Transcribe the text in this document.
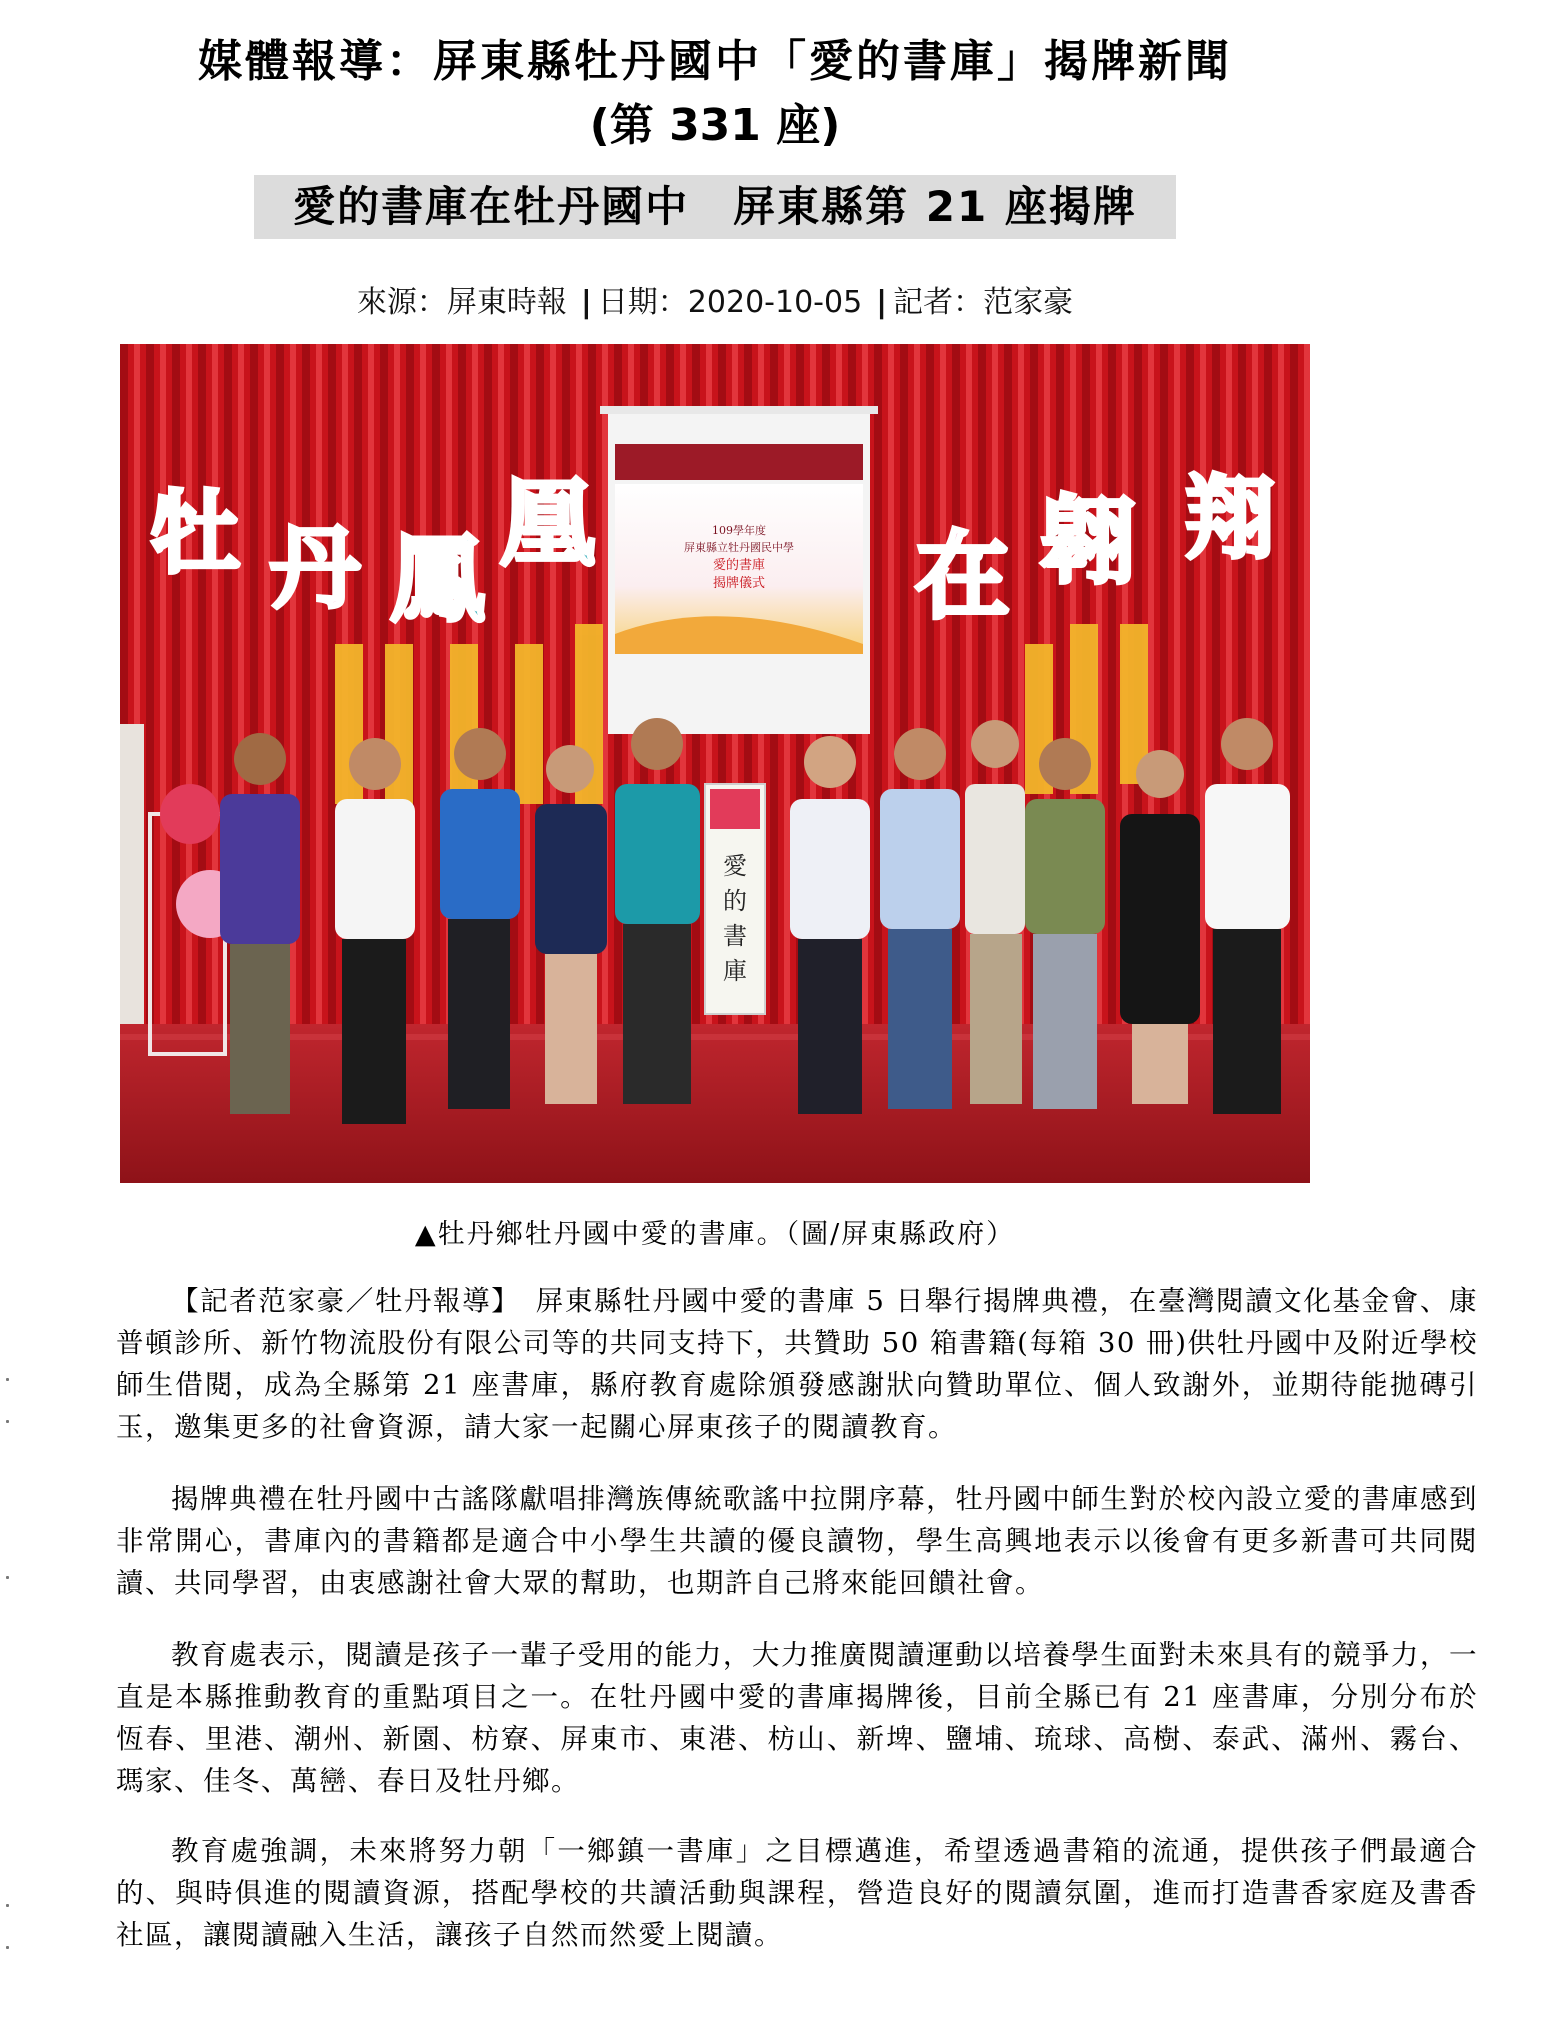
媒體報導：屏東縣牡丹國中「愛的書庫」揭牌新聞
(第 331 座)
愛的書庫在牡丹國中　屏東縣第 21 座揭牌
來源：屏東時報 | 日期：2020-10-05 | 記者：范家豪
109學年度
屏東縣立牡丹國民中學
愛的書庫
揭牌儀式
牡 丹 鳳
凰	在 翱 翔
愛
的
書
庫
▲牡丹鄉牡丹國中愛的書庫。（圖/屏東縣政府）

【記者范家豪／牡丹報導】　屏東縣牡丹國中愛的書庫 5 日舉行揭牌典禮，在臺灣閱讀文化基金會、康普頓診所、新竹物流股份有限公司等的共同支持下，共贊助 50 箱書籍(每箱 30 冊)供牡丹國中及附近學校師生借閱，成為全縣第 21 座書庫，縣府教育處除頒發感謝狀向贊助單位、個人致謝外，並期待能拋磚引玉，邀集更多的社會資源，請大家一起關心屏東孩子的閱讀教育。

揭牌典禮在牡丹國中古謠隊獻唱排灣族傳統歌謠中拉開序幕，牡丹國中師生對於校內設立愛的書庫感到非常開心，書庫內的書籍都是適合中小學生共讀的優良讀物，學生高興地表示以後會有更多新書可共同閱讀、共同學習，由衷感謝社會大眾的幫助，也期許自己將來能回饋社會。

教育處表示，閱讀是孩子一輩子受用的能力，大力推廣閱讀運動以培養學生面對未來具有的競爭力，一直是本縣推動教育的重點項目之一。在牡丹國中愛的書庫揭牌後，目前全縣已有 21 座書庫，分別分布於恆春、里港、潮州、新園、枋寮、屏東市、東港、枋山、新埤、鹽埔、琉球、高樹、泰武、滿州、霧台、瑪家、佳冬、萬巒、春日及牡丹鄉。

教育處強調，未來將努力朝「一鄉鎮一書庫」之目標邁進，希望透過書箱的流通，提供孩子們最適合的、與時俱進的閱讀資源，搭配學校的共讀活動與課程，營造良好的閱讀氛圍，進而打造書香家庭及書香社區，讓閱讀融入生活，讓孩子自然而然愛上閱讀。
